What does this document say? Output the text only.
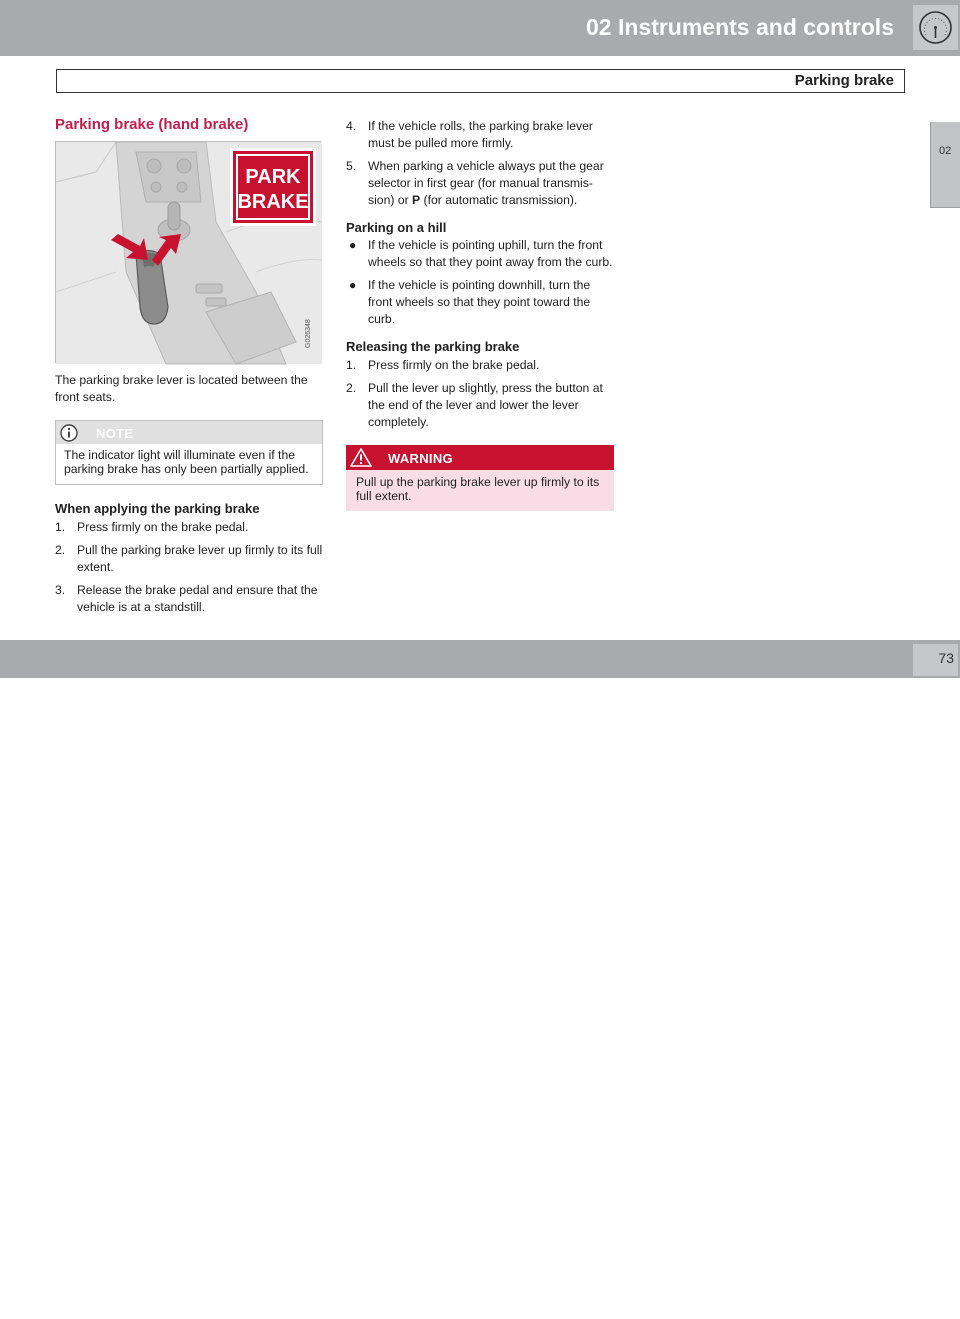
02 Instruments and controls
Parking brake
02
Parking brake (hand brake)
PARK
BRAKE
G026348

The parking brake lever is located between the front seats.

NOTE
The indicator light will illuminate even if the parking brake has only been partially applied.
When applying the parking brake
1. Press firmly on the brake pedal.
2. Pull the parking brake lever up firmly to its full extent.
3. Release the brake pedal and ensure that the vehicle is at a standstill.
4. If the vehicle rolls, the parking brake lever must be pulled more firmly.
5. When parking a vehicle always put the gear selector in first gear (for manual transmis-sion) or P (for automatic transmission).
Parking on a hill
● If the vehicle is pointing uphill, turn the front wheels so that they point away from the curb.
● If the vehicle is pointing downhill, turn the front wheels so that they point toward the curb.
Releasing the parking brake
1. Press firmly on the brake pedal.
2. Pull the lever up slightly, press the button at the end of the lever and lower the lever completely.
WARNING
Pull up the parking brake lever up firmly to its full extent.
carmanualsonline.info
73
